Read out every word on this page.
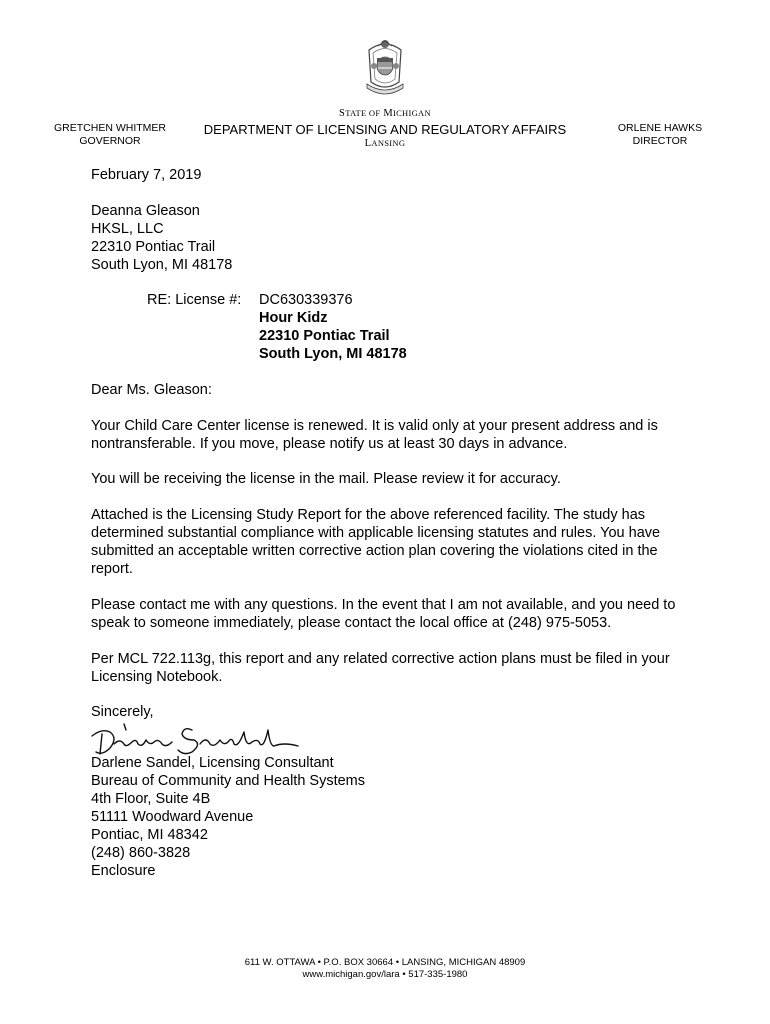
GRETCHEN WHITMER
GOVERNOR
STATE OF MICHIGAN
DEPARTMENT OF LICENSING AND REGULATORY AFFAIRS
LANSING
ORLENE HAWKS
DIRECTOR
February 7, 2019
Deanna Gleason
HKSL, LLC
22310 Pontiac Trail
South Lyon, MI 48178
RE: License #: DC630339376
Hour Kidz
22310 Pontiac Trail
South Lyon, MI 48178
Dear Ms. Gleason:
Your Child Care Center license is renewed. It is valid only at your present address and is nontransferable. If you move, please notify us at least 30 days in advance.
You will be receiving the license in the mail. Please review it for accuracy.
Attached is the Licensing Study Report for the above referenced facility. The study has determined substantial compliance with applicable licensing statutes and rules. You have submitted an acceptable written corrective action plan covering the violations cited in the report.
Please contact me with any questions. In the event that I am not available, and you need to speak to someone immediately, please contact the local office at (248) 975-5053.
Per MCL 722.113g, this report and any related corrective action plans must be filed in your Licensing Notebook.
Sincerely,
Darlene Sandel, Licensing Consultant
Bureau of Community and Health Systems
4th Floor, Suite 4B
51111 Woodward Avenue
Pontiac, MI 48342
(248) 860-3828
Enclosure
611 W. OTTAWA • P.O. BOX 30664 • LANSING, MICHIGAN 48909
www.michigan.gov/lara • 517-335-1980
